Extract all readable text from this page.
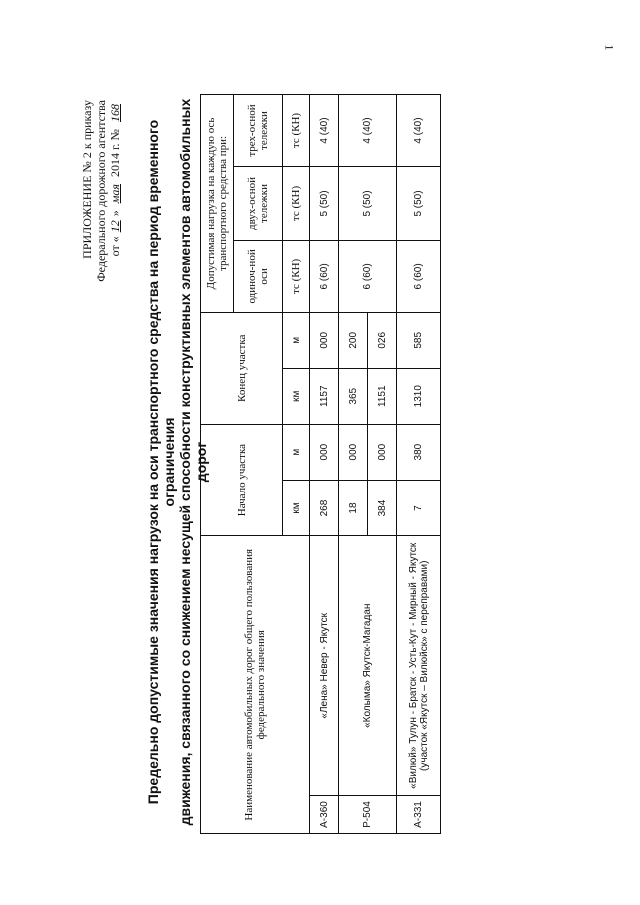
1
ПРИЛОЖЕНИЕ № 2 к приказу Федерального дорожного агентства от «12» мая 2014 г. № 168
Предельно допустимые значения нагрузок на оси транспортного средства на период временного ограничения движения, связанного со снижением несущей способности конструктивных элементов автомобильных дорог
Наименование автомобильных дорог общего пользования федерального значения		Начало участка		Конец участка		Допустимая нагрузка на каждую ось транспортного средства при:		
						одиноч-ной оси	двух-осной тележки	трех-осной тележки
		км	м	км	м	тс (КН)	тс (КН)	тс (КН)
А-360	«Лена» Невер - Якутск	268	000	1157	000	6 (60)	5 (50)	4 (40)
Р-504	«Колыма» Якутск-Магадан	18	000	365	200	6 (60)	5 (50)	4 (40)
		384	000	1151	026			
А-331	«Вилюй» Тулун - Братск - Усть-Кут - Мирный - Якутск (участок «Якутск – Вилюйск» с переправами)	7	380	1310	585	6 (60)	5 (50)	4 (40)
